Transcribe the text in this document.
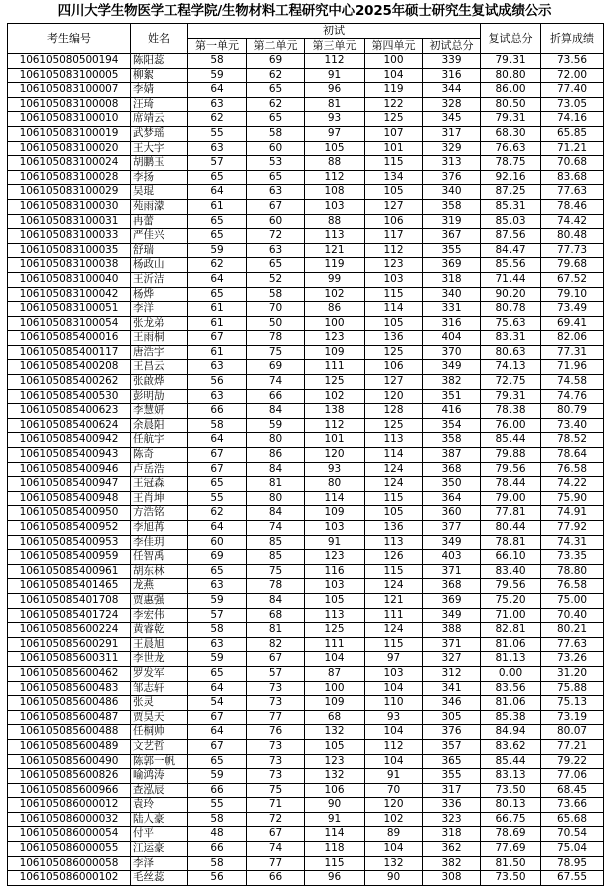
四川大学生物医学工程学院/生物材料工程研究中心2025年硕士研究生复试成绩公示
考生编号	姓名	初试					复试总分	折算成绩
		第一单元	第二单元	第三单元	第四单元	初试总分		
106105080500194	陈阳蕊	58	69	112	100	339	79.31	73.56
106105083100005	柳絮	59	62	91	104	316	80.80	72.00
106105083100007	李婧	64	65	96	119	344	86.00	77.40
106105083100008	汪琦	63	62	81	122	328	80.50	73.05
106105083100010	席靖云	62	65	93	125	345	79.31	74.16
106105083100019	武梦瑶	55	58	97	107	317	68.30	65.85
106105083100020	王大宇	63	60	105	101	329	76.63	71.21
106105083100024	胡鹏玉	57	53	88	115	313	78.75	70.68
106105083100028	李扬	65	65	112	134	376	92.16	83.68
106105083100029	吴琨	64	63	108	105	340	87.25	77.63
106105083100030	苑雨濛	61	67	103	127	358	85.31	78.46
106105083100031	冉蕾	65	60	88	106	319	85.03	74.42
106105083100033	严佳兴	65	72	113	117	367	87.56	80.48
106105083100035	舒瑞	59	63	121	112	355	84.47	77.73
106105083100038	杨政山	62	65	119	123	369	85.56	79.68
106105083100040	王沂洁	64	52	99	103	318	71.44	67.52
106105083100042	杨烨	65	58	102	115	340	90.20	79.10
106105083100051	李洋	61	70	86	114	331	80.78	73.49
106105083100054	张龙弟	61	50	100	105	316	75.63	69.41
106105085400016	王雨桐	67	78	123	136	404	83.31	82.06
106105085400117	唐浩宇	61	75	109	125	370	80.63	77.31
106105085400208	王昌云	63	69	111	106	349	74.13	71.96
106105085400262	张啟烨	56	74	125	127	382	72.75	74.58
106105085400530	彭明劼	63	66	102	120	351	79.31	74.76
106105085400623	李慧妍	66	84	138	128	416	78.38	80.79
106105085400624	余晨阳	58	59	112	125	354	76.00	73.40
106105085400942	任航宇	64	80	101	113	358	85.44	78.52
106105085400943	陈奇	67	86	120	114	387	79.88	78.64
106105085400946	卢岳浩	67	84	93	124	368	79.56	76.58
106105085400947	王冠森	65	81	80	124	350	78.44	74.22
106105085400948	王肖坤	55	80	114	115	364	79.00	75.90
106105085400950	方浩铭	62	84	109	105	360	77.81	74.91
106105085400952	李旭苒	64	74	103	136	377	80.44	77.92
106105085400953	李佳玥	60	85	91	113	349	78.81	74.31
106105085400959	任智禹	69	85	123	126	403	66.10	73.35
106105085400961	胡东林	65	75	116	115	371	83.40	78.80
106105085401465	龙燕	63	78	103	124	368	79.56	76.58
106105085401708	贾惠强	59	84	105	121	369	75.20	75.00
106105085401724	李宏伟	57	68	113	111	349	71.00	70.40
106105085600224	黄睿乾	58	81	125	124	388	82.81	80.21
106105085600291	王晨旭	63	82	111	115	371	81.06	77.63
106105085600311	李世龙	59	67	104	97	327	81.13	73.26
106105085600462	罗发军	65	57	87	103	312	0.00	31.20
106105085600483	邹志轩	64	73	100	104	341	83.56	75.88
106105085600486	张灵	54	73	109	110	346	81.06	75.13
106105085600487	贾昊天	67	77	68	93	305	85.38	73.19
106105085600488	任桐帅	64	76	132	104	376	84.94	80.07
106105085600489	文艺哲	67	73	105	112	357	83.62	77.21
106105085600490	陈郭一帆	65	73	123	104	365	85.44	79.22
106105085600826	喻鸿涛	59	73	132	91	355	83.13	77.06
106105085600966	查泓辰	66	75	106	70	317	73.50	68.45
106105086000012	袁玲	55	71	90	120	336	80.13	73.66
106105086000032	陆人豪	58	72	91	102	323	66.75	65.68
106105086000054	付平	48	67	114	89	318	78.69	70.54
106105086000055	江运豪	66	74	118	104	362	77.69	75.04
106105086000058	李泽	58	77	115	132	382	81.50	78.95
106105086000102	毛丝蕊	56	66	96	90	308	73.50	67.55
